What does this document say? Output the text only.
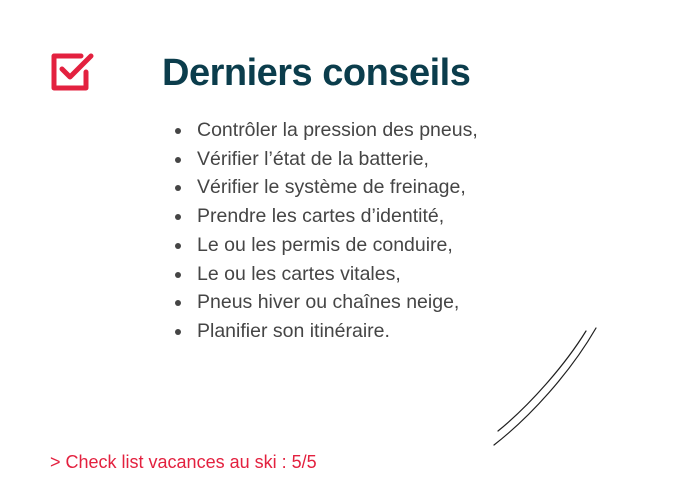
Derniers conseils
Contrôler la pression des pneus,
Vérifier l’état de la batterie,
Vérifier le système de freinage,
Prendre les cartes d’identité,
Le ou les permis de conduire,
Le ou les cartes vitales,
Pneus hiver ou chaînes neige,
Planifier son itinéraire.

> Check list vacances au ski : 5/5
